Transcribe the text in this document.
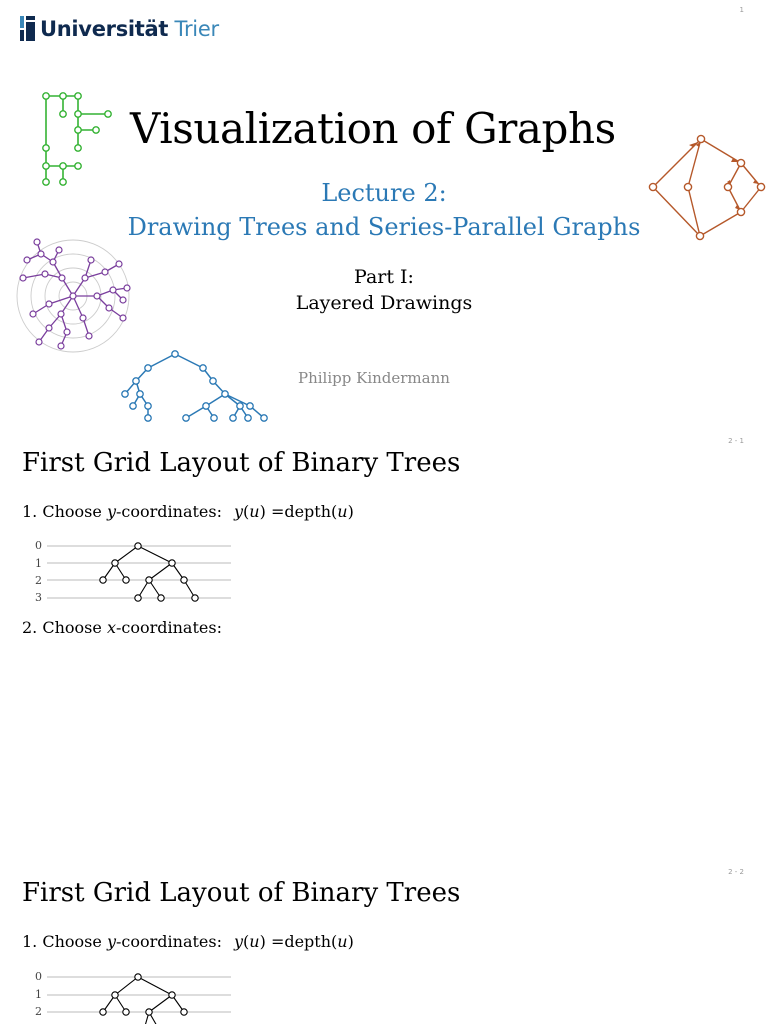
1
Universität Trier
Visualization of Graphs
Lecture 2:
Drawing Trees and Series-Parallel Graphs
Part I:
Layered Drawings
Philipp Kindermann
2 - 1
First Grid Layout of Binary Trees
1. Choose y-coordinates: y(u) =depth(u)
0
1
2
3
2. Choose x-coordinates:
2 - 2
First Grid Layout of Binary Trees
1. Choose y-coordinates: y(u) =depth(u)
0
1
2
